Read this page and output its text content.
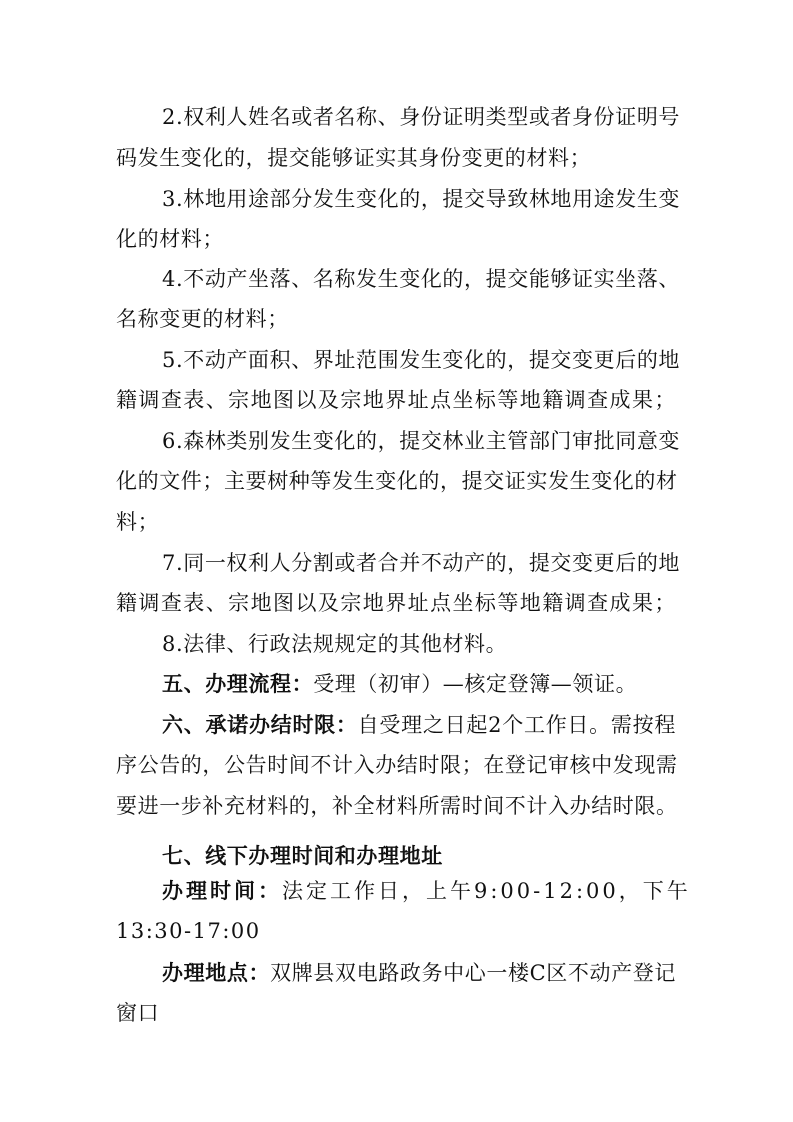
2.权利人姓名或者名称、身份证明类型或者身份证明号
码发生变化的，提交能够证实其身份变更的材料；
3.林地用途部分发生变化的，提交导致林地用途发生变
化的材料；
4.不动产坐落、名称发生变化的，提交能够证实坐落、
名称变更的材料；
5.不动产面积、界址范围发生变化的，提交变更后的地
籍调查表、宗地图以及宗地界址点坐标等地籍调查成果；
6.森林类别发生变化的，提交林业主管部门审批同意变
化的文件；主要树种等发生变化的，提交证实发生变化的材
料；
7.同一权利人分割或者合并不动产的，提交变更后的地
籍调查表、宗地图以及宗地界址点坐标等地籍调查成果；
8.法律、行政法规规定的其他材料。
五、办理流程：受理（初审）—核定登簿—领证。
六、承诺办结时限：自受理之日起2个工作日。需按程
序公告的，公告时间不计入办结时限；在登记审核中发现需
要进一步补充材料的，补全材料所需时间不计入办结时限。
七、线下办理时间和办理地址
办理时间：法定工作日，上午9:00-12:00，下午
13:30-17:00
办理地点：双牌县双电路政务中心一楼C区不动产登记
窗口
